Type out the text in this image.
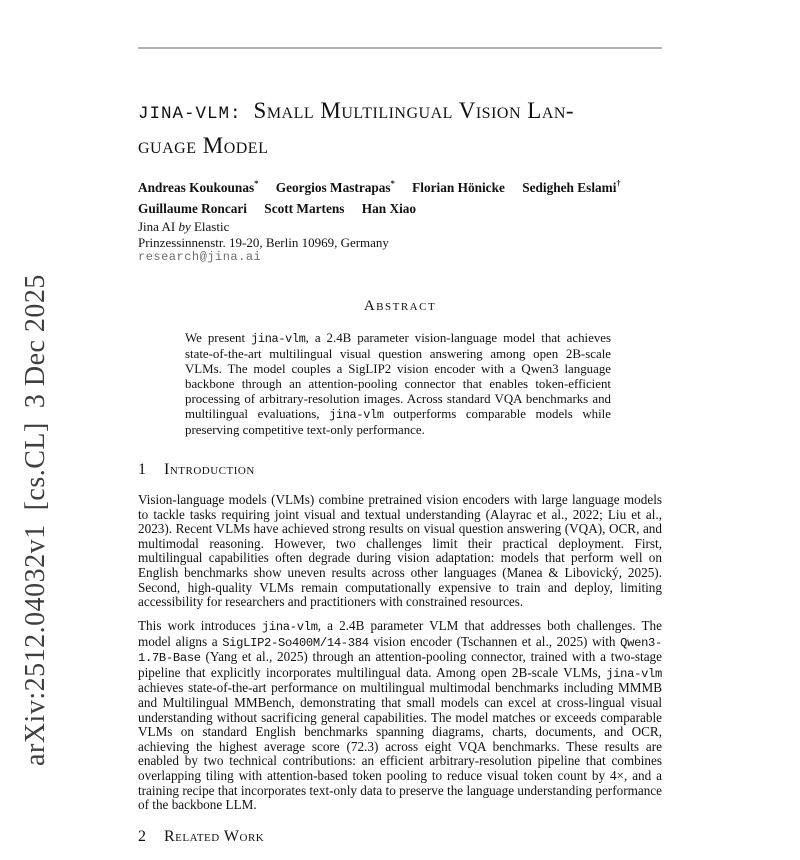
arXiv:2512.04032v1[cs.CL]3 Dec 2025
JINA-VLM: Small Multilingual Vision Lan-
guage Model
Andreas Koukounas* Georgios Mastrapas* Florian Hönicke Sedigheh Eslami†
Guillaume Roncari Scott Martens Han Xiao
Jina AI by Elastic
Prinzessinnenstr. 19-20, Berlin 10969, Germany
research@jina.ai
Abstract

We present jina-vlm, a 2.4B parameter vision-language model that achieves state-of-the-art multilingual visual question answering among open 2B-scale VLMs. The model couples a SigLIP2 vision encoder with a Qwen3 language backbone through an attention-pooling connector that enables token-efficient processing of arbitrary-resolution images. Across standard VQA benchmarks and multilingual evaluations, jina-vlm outperforms comparable models while preserving competitive text-only performance.

1 Introduction

Vision-language models (VLMs) combine pretrained vision encoders with large language models to tackle tasks requiring joint visual and textual understanding (Alayrac et al., 2022; Liu et al., 2023). Recent VLMs have achieved strong results on visual question answering (VQA), OCR, and multimodal reasoning. However, two challenges limit their practical deployment. First, multilingual capabilities often degrade during vision adaptation: models that perform well on English benchmarks show uneven results across other languages (Manea & Libovický, 2025). Second, high-quality VLMs remain computationally expensive to train and deploy, limiting accessibility for researchers and practitioners with constrained resources.

This work introduces jina-vlm, a 2.4B parameter VLM that addresses both challenges. The model aligns a SigLIP2-So400M/14-384 vision encoder (Tschannen et al., 2025) with Qwen3-1.7B-Base (Yang et al., 2025) through an attention-pooling connector, trained with a two-stage pipeline that explicitly incorporates multilingual data. Among open 2B-scale VLMs, jina-vlm achieves state-of-the-art performance on multilingual multimodal benchmarks including MMMB and Multilingual MMBench, demonstrating that small models can excel at cross-lingual visual understanding without sacrificing general capabilities. The model matches or exceeds comparable VLMs on standard English benchmarks spanning diagrams, charts, documents, and OCR, achieving the highest average score (72.3) across eight VQA benchmarks. These results are enabled by two technical contributions: an efficient arbitrary-resolution pipeline that combines overlapping tiling with attention-based token pooling to reduce visual token count by 4×, and a training recipe that incorporates text-only data to preserve the language understanding performance of the backbone LLM.

2 Related Work
